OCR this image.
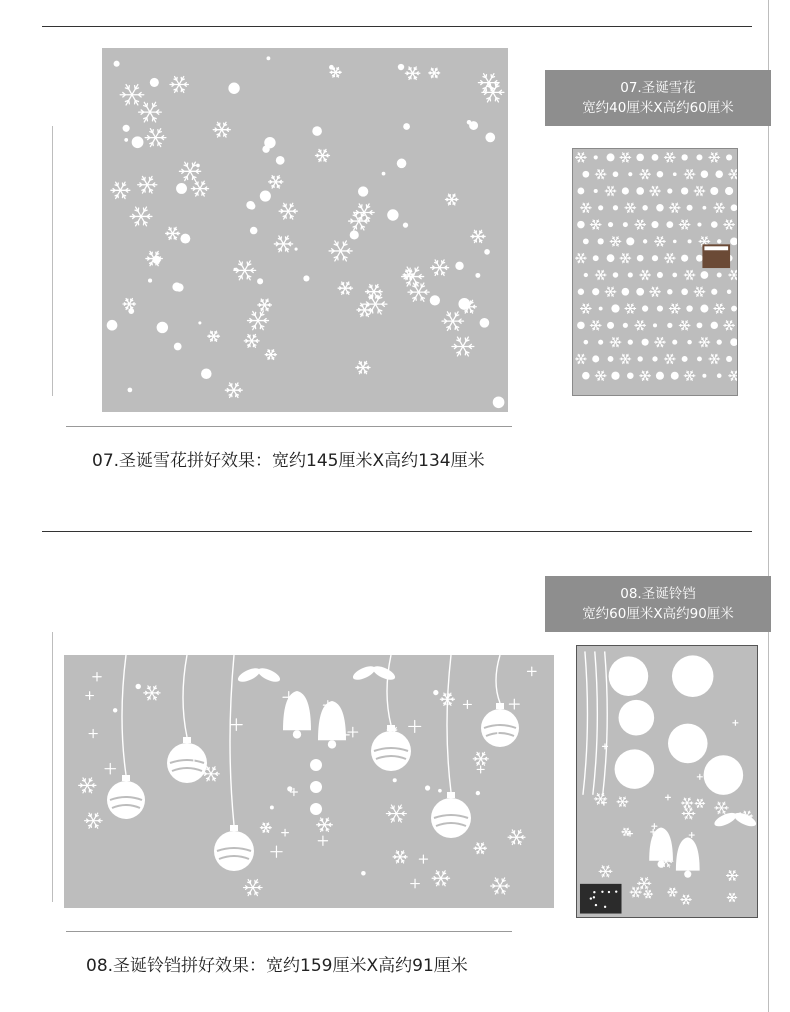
07.圣诞雪花
宽约40厘米X高约60厘米
07.圣诞雪花拼好效果：宽约145厘米X高约134厘米
08.圣诞铃铛
宽约60厘米X高约90厘米
08.圣诞铃铛拼好效果：宽约159厘米X高约91厘米
